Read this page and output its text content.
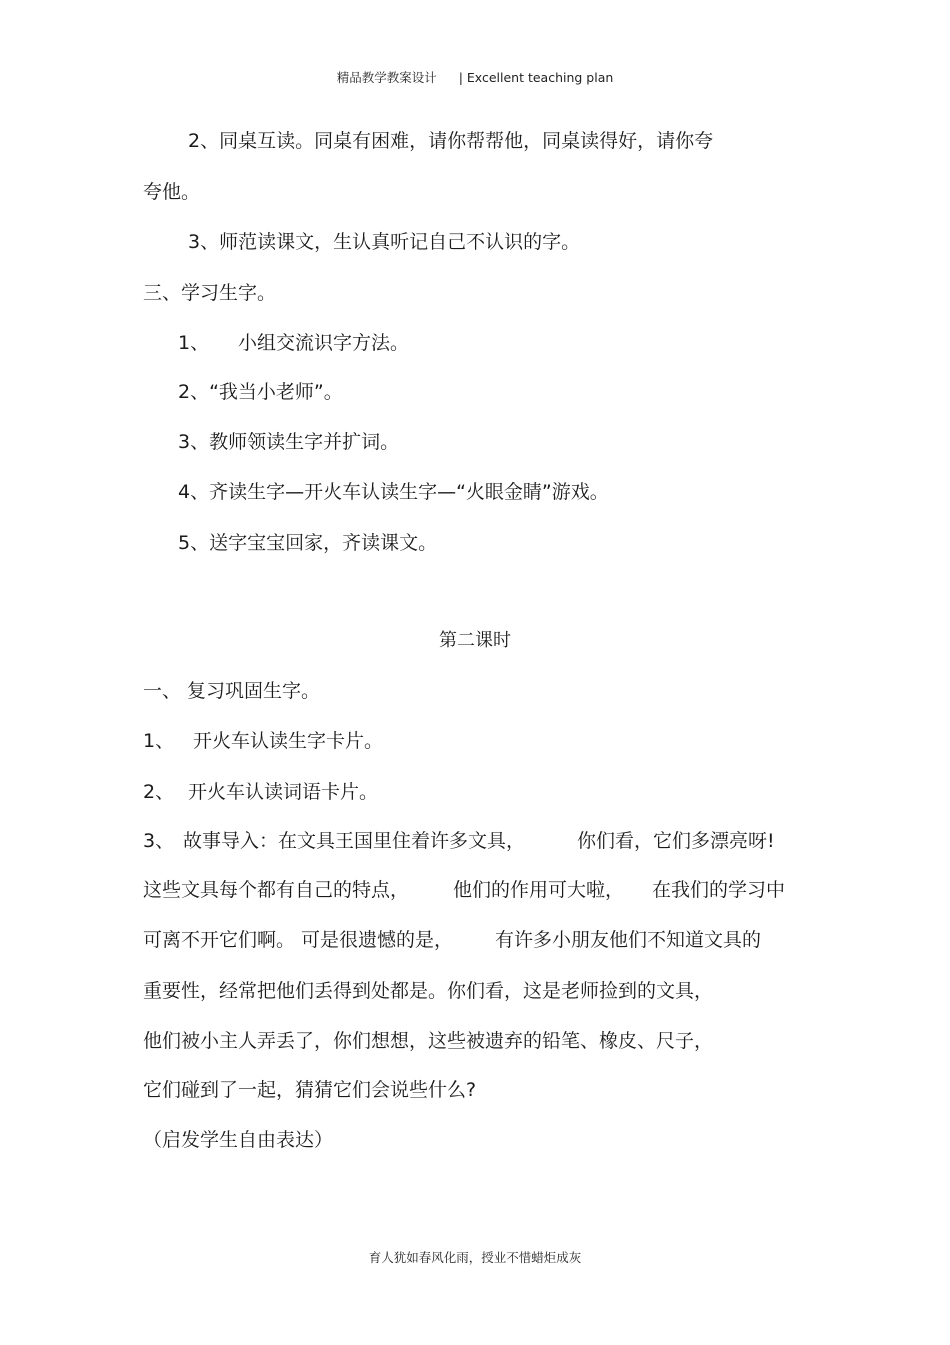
精品教学教案设计 | Excellent teaching plan
2、同桌互读。同桌有困难，请你帮帮他，同桌读得好，请你夸
夸他。
3、师范读课文，生认真听记自己不认识的字。
三、学习生字。
1、 小组交流识字方法。
2、“我当小老师”。
3、教师领读生字并扩词。
4、齐读生字—开火车认读生字—“火眼金睛”游戏。
5、送字宝宝回家，齐读课文。
第二课时
一、 复习巩固生字。
1、 开火车认读生字卡片。
2、 开火车认读词语卡片。
3、 故事导入：在文具王国里住着许多文具，	你们看，它们多漂亮呀!
这些文具每个都有自己的特点， 他们的作用可大啦， 在我们的学习中
可离不开它们啊。 可是很遗憾的是， 有许多小朋友他们不知道文具的
重要性，经常把他们丢得到处都是。你们看，这是老师捡到的文具，
他们被小主人弄丢了，你们想想，这些被遗弃的铅笔、橡皮、尺子，
它们碰到了一起，猜猜它们会说些什么?
（启发学生自由表达）
育人犹如春风化雨，授业不惜蜡炬成灰
